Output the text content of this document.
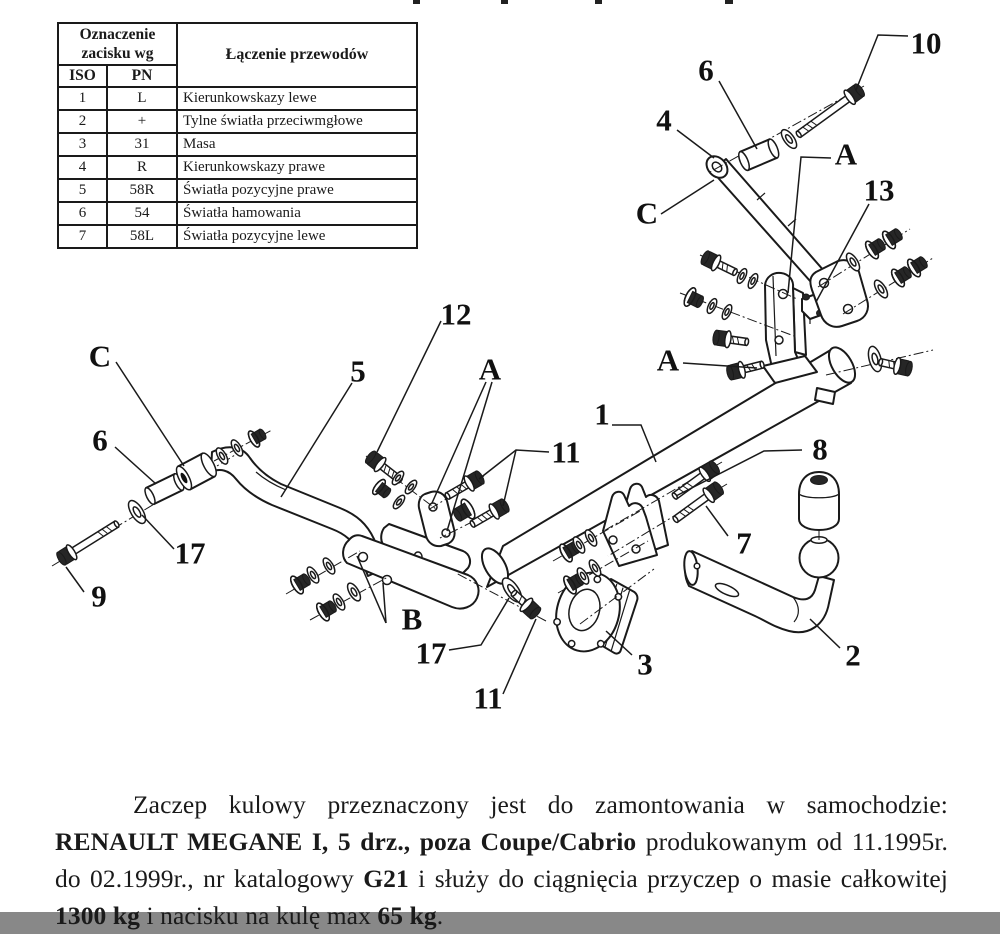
10
6
4
A
13
C
A
12
C	5	A
6	11
1
8
17
9
7
B
17	3	2
11
Oznaczenie
zacisku wg		Łączenie przewodów
ISO	PN	
1	L	Kierunkowskazy lewe
2	+	Tylne światła przeciwmgłowe
3	31	Masa
4	R	Kierunkowskazy prawe
5	58R	Światła pozycyjne prawe
6	54	Światła hamowania
7	58L	Światła pozycyjne lewe

Zaczep kulowy przeznaczony jest do zamontowania w samochodzie: RENAULT MEGANE I, 5 drz., poza Coupe/Cabrio produkowanym od 11.1995r. do 02.1999r., nr katalogowy G21 i służy do ciągnięcia przyczep o masie całkowitej 1300 kg i nacisku na kulę max 65 kg.
